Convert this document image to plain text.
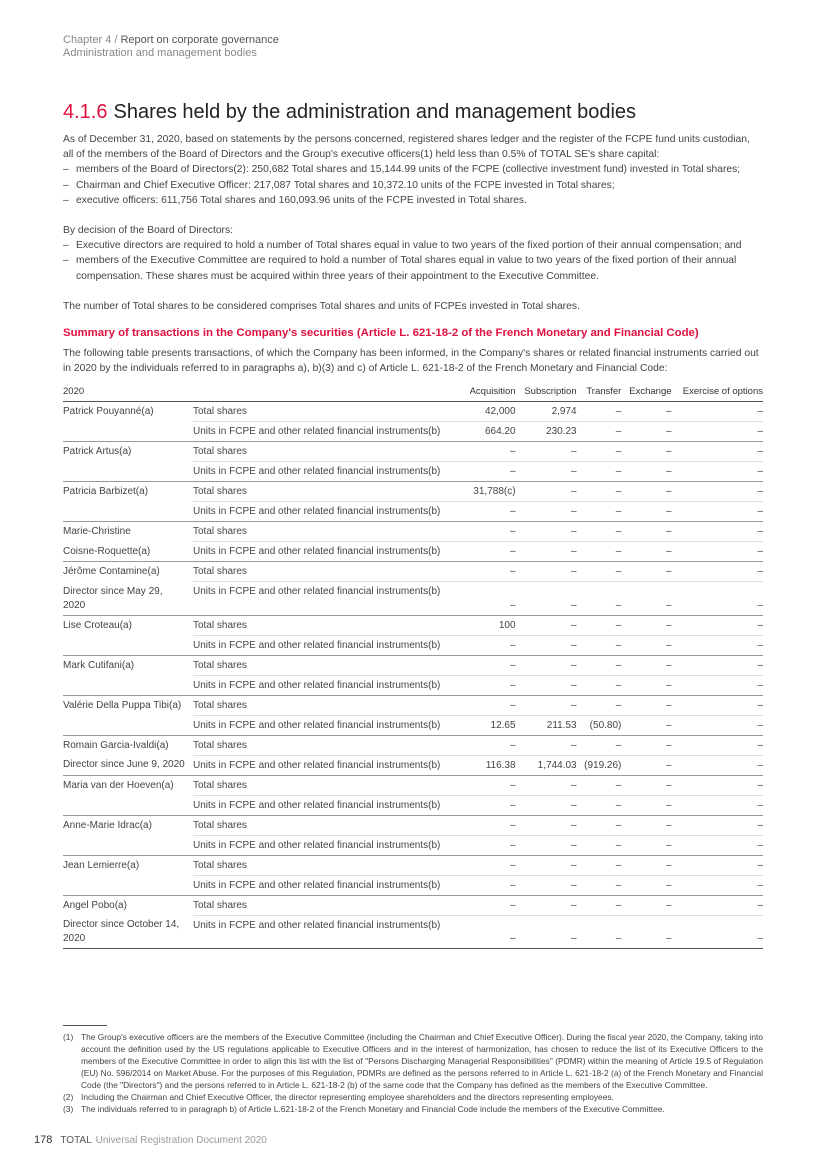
Chapter 4 / Report on corporate governance
Administration and management bodies
4.1.6 Shares held by the administration and management bodies

As of December 31, 2020, based on statements by the persons concerned, registered shares ledger and the register of the FCPE fund units custodian, all of the members of the Board of Directors and the Group's executive officers(1) held less than 0.5% of TOTAL SE's share capital:

– members of the Board of Directors(2): 250,682 Total shares and 15,144.99 units of the FCPE (collective investment fund) invested in Total shares;
– Chairman and Chief Executive Officer: 217,087 Total shares and 10,372.10 units of the FCPE invested in Total shares;
– executive officers: 611,756 Total shares and 160,093.96 units of the FCPE invested in Total shares.

By decision of the Board of Directors:

– Executive directors are required to hold a number of Total shares equal in value to two years of the fixed portion of their annual compensation; and
– members of the Executive Committee are required to hold a number of Total shares equal in value to two years of the fixed portion of their annual compensation. These shares must be acquired within three years of their appointment to the Executive Committee.

The number of Total shares to be considered comprises Total shares and units of FCPEs invested in Total shares.

Summary of transactions in the Company's securities (Article L. 621-18-2 of the French Monetary and Financial Code)

The following table presents transactions, of which the Company has been informed, in the Company's shares or related financial instruments carried out in 2020 by the individuals referred to in paragraphs a), b)(3) and c) of Article L. 621-18-2 of the French Monetary and Financial Code:

2020		Acquisition	Subscription	Transfer	Exchange	Exercise of options
Patrick Pouyanné(a)	Total shares	42,000	2,974	–	–	–
	Units in FCPE and other related financial instruments(b)	664.20	230.23	–	–	–
Patrick Artus(a)	Total shares	–	–	–	–	–
	Units in FCPE and other related financial instruments(b)	–	–	–	–	–
Patricia Barbizet(a)	Total shares	31,788(c)	–	–	–	–
	Units in FCPE and other related financial instruments(b)	–	–	–	–	–
Marie-Christine	Total shares	–	–	–	–	–
Coisne-Roquette(a)	Units in FCPE and other related financial instruments(b)	–	–	–	–	–
Jérôme Contamine(a)	Total shares	–	–	–	–	–
Director since May 29, 2020	Units in FCPE and other related financial instruments(b)	–	–	–	–	–
Lise Croteau(a)	Total shares	100	–	–	–	–
	Units in FCPE and other related financial instruments(b)	–	–	–	–	–
Mark Cutifani(a)	Total shares	–	–	–	–	–
	Units in FCPE and other related financial instruments(b)	–	–	–	–	–
Valérie Della Puppa Tibi(a)	Total shares	–	–	–	–	–
	Units in FCPE and other related financial instruments(b)	12.65	211.53	(50.80)	–	–
Romain Garcia-Ivaldi(a)	Total shares	–	–	–	–	–
Director since June 9, 2020	Units in FCPE and other related financial instruments(b)	116.38	1,744.03	(919.26)	–	–
Maria van der Hoeven(a)	Total shares	–	–	–	–	–
	Units in FCPE and other related financial instruments(b)	–	–	–	–	–
Anne-Marie Idrac(a)	Total shares	–	–	–	–	–
	Units in FCPE and other related financial instruments(b)	–	–	–	–	–
Jean Lemierre(a)	Total shares	–	–	–	–	–
	Units in FCPE and other related financial instruments(b)	–	–	–	–	–
Angel Pobo(a)	Total shares	–	–	–	–	–
Director since October 14, 2020	Units in FCPE and other related financial instruments(b)	–	–	–	–	–
(1) The Group's executive officers are the members of the Executive Committee (including the Chairman and Chief Executive Officer). During the fiscal year 2020, the Company, taking into account the definition used by the US regulations applicable to Executive Officers and in the interest of harmonization, has chosen to reduce the list of its Executive Officers to the members of the Executive Committee in order to align this list with the list of "Persons Discharging Managerial Responsibilities" (PDMR) within the meaning of Article 19.5 of Regulation (EU) No. 596/2014 on Market Abuse. For the purposes of this Regulation, PDMRs are defined as the persons referred to in Article L. 621-18-2 (a) of the French Monetary and Financial Code (the "Directors") and the persons referred to in Article L. 621-18-2 (b) of the same code that the Company has defined as the members of the Executive Committee.
(2) Including the Chairman and Chief Executive Officer, the director representing employee shareholders and the directors representing employees.
(3) The individuals referred to in paragraph b) of Article L.621-18-2 of the French Monetary and Financial Code include the members of the Executive Committee.
178 TOTAL Universal Registration Document 2020
